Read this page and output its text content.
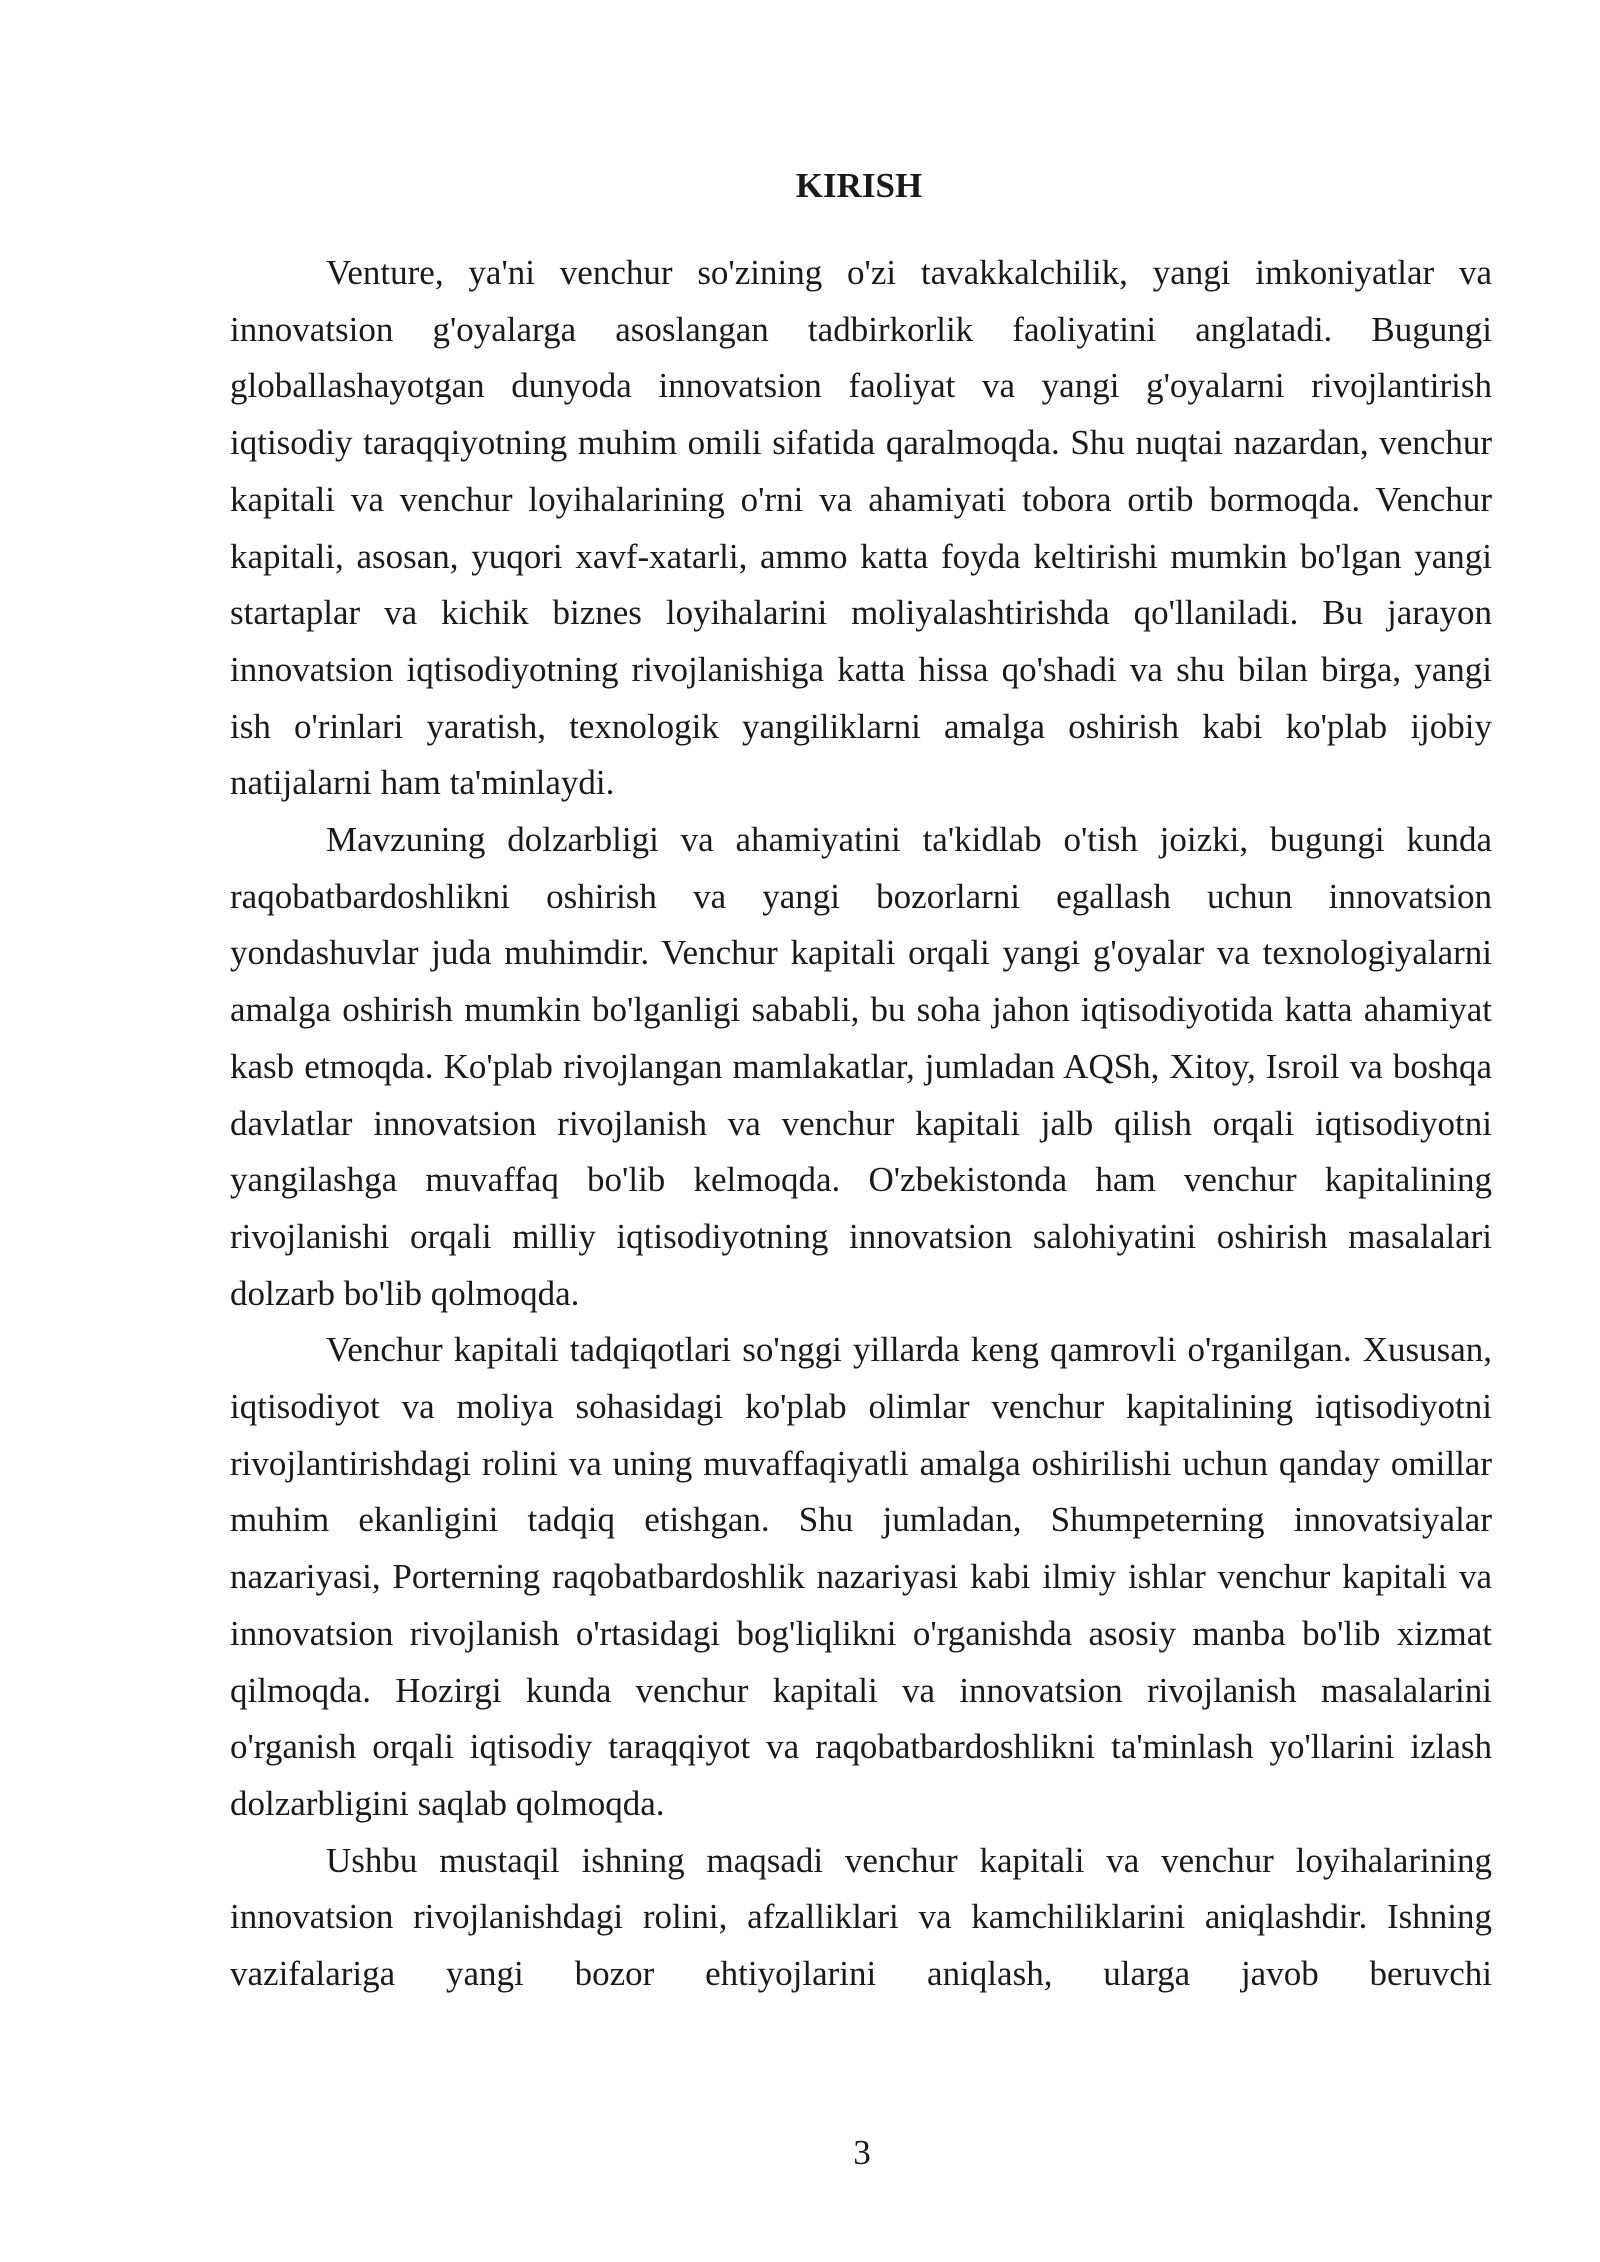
KIRISH

Venture, ya'ni venchur so'zining o'zi tavakkalchilik, yangi imkoniyatlar va innovatsion g'oyalarga asoslangan tadbirkorlik faoliyatini anglatadi. Bugungi globallashayotgan dunyoda innovatsion faoliyat va yangi g'oyalarni rivojlantirish iqtisodiy taraqqiyotning muhim omili sifatida qaralmoqda. Shu nuqtai nazardan, venchur kapitali va venchur loyihalarining o'rni va ahamiyati tobora ortib bormoqda. Venchur kapitali, asosan, yuqori xavf-xatarli, ammo katta foyda keltirishi mumkin bo'lgan yangi startaplar va kichik biznes loyihalarini moliyalashtirishda qo'llaniladi. Bu jarayon innovatsion iqtisodiyotning rivojlanishiga katta hissa qo'shadi va shu bilan birga, yangi ish o'rinlari yaratish, texnologik yangiliklarni amalga oshirish kabi ko'plab ijobiy natijalarni ham ta'minlaydi.

Mavzuning dolzarbligi va ahamiyatini ta'kidlab o'tish joizki, bugungi kunda raqobatbardoshlikni oshirish va yangi bozorlarni egallash uchun innovatsion yondashuvlar juda muhimdir. Venchur kapitali orqali yangi g'oyalar va texnologiyalarni amalga oshirish mumkin bo'lganligi sababli, bu soha jahon iqtisodiyotida katta ahamiyat kasb etmoqda. Ko'plab rivojlangan mamlakatlar, jumladan AQSh, Xitoy, Isroil va boshqa davlatlar innovatsion rivojlanish va venchur kapitali jalb qilish orqali iqtisodiyotni yangilashga muvaffaq bo'lib kelmoqda. O'zbekistonda ham venchur kapitalining rivojlanishi orqali milliy iqtisodiyotning innovatsion salohiyatini oshirish masalalari dolzarb bo'lib qolmoqda.

Venchur kapitali tadqiqotlari so'nggi yillarda keng qamrovli o'rganilgan. Xususan, iqtisodiyot va moliya sohasidagi ko'plab olimlar venchur kapitalining iqtisodiyotni rivojlantirishdagi rolini va uning muvaffaqiyatli amalga oshirilishi uchun qanday omillar muhim ekanligini tadqiq etishgan. Shu jumladan, Shumpeterning innovatsiyalar nazariyasi, Porterning raqobatbardoshlik nazariyasi kabi ilmiy ishlar venchur kapitali va innovatsion rivojlanish o'rtasidagi bog'liqlikni o'rganishda asosiy manba bo'lib xizmat qilmoqda. Hozirgi kunda venchur kapitali va innovatsion rivojlanish masalalarini o'rganish orqali iqtisodiy taraqqiyot va raqobatbardoshlikni ta'minlash yo'llarini izlash dolzarbligini saqlab qolmoqda.

Ushbu mustaqil ishning maqsadi venchur kapitali va venchur loyihalarining innovatsion rivojlanishdagi rolini, afzalliklari va kamchiliklarini aniqlashdir. Ishning vazifalariga yangi bozor ehtiyojlarini aniqlash, ularga javob beruvchi

3
